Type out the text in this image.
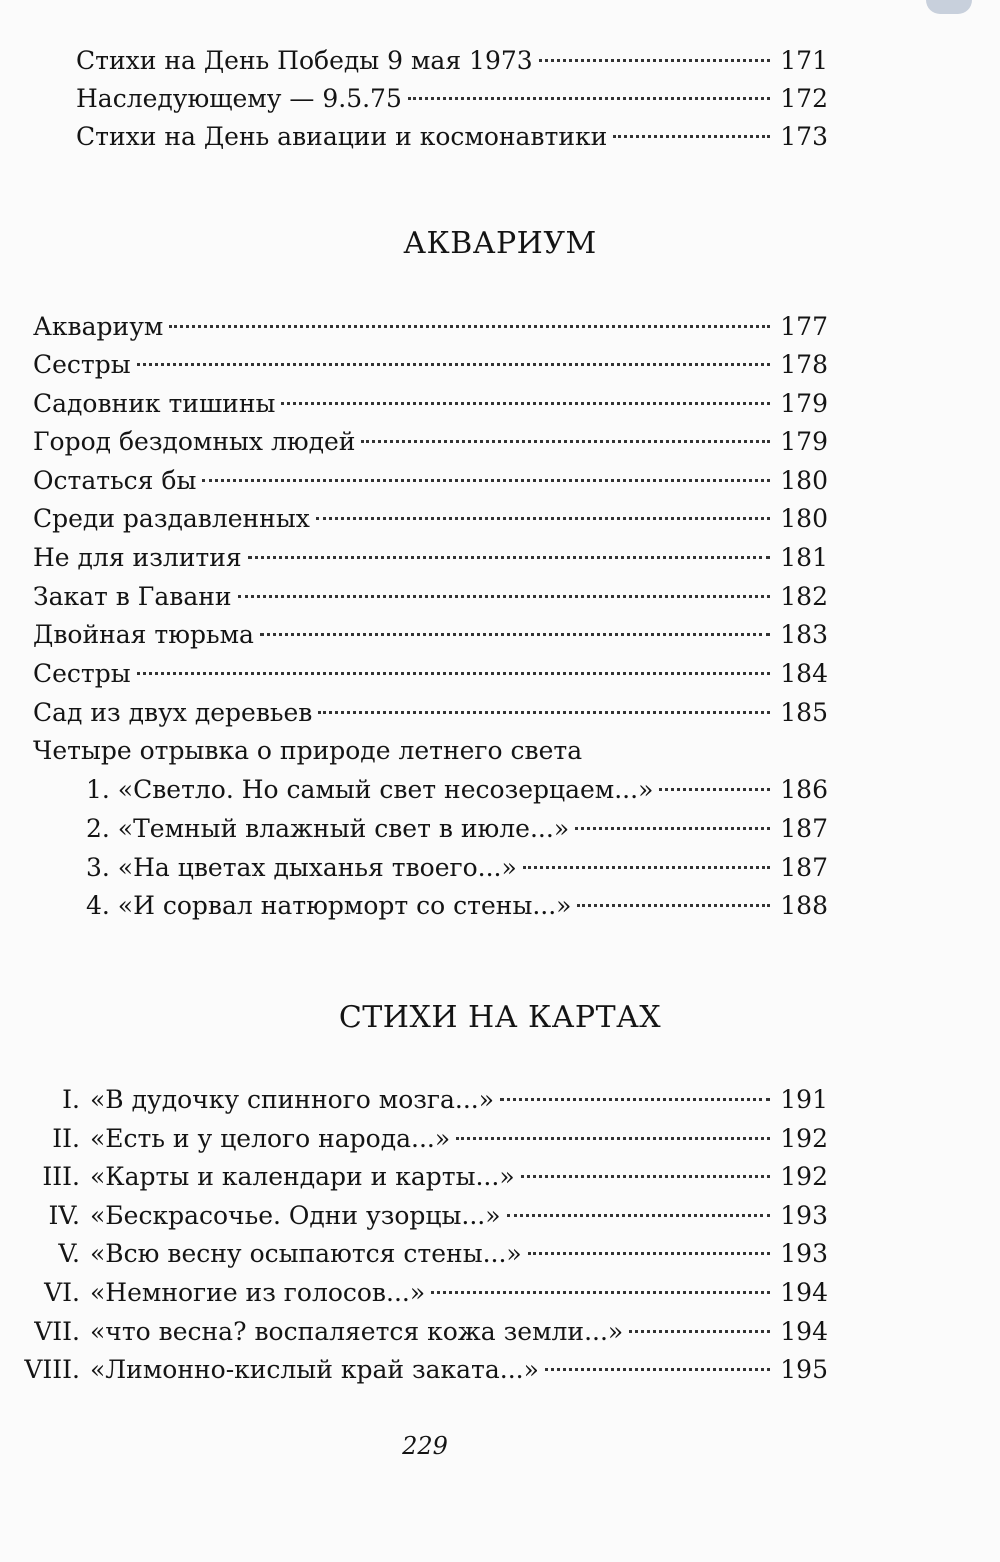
Стихи на День Победы 9 мая 1973	171
Наследующему — 9.5.75	172
Стихи на День авиации и космонавтики	173
АКВАРИУМ
Аквариум	177
Сестры	178
Садовник тишины	179
Город бездомных людей	179
Остаться бы	180
Среди раздавленных	180
Не для излития	181
Закат в Гавани	182
Двойная тюрьма	183
Сестры	184
Сад из двух деревьев	185
Четыре отрывка о природе летнего света
1. «Светло. Но самый свет несозерцаем...»	186
2. «Темный влажный свет в июле...»	187
3. «На цветах дыханья твоего...»	187
4. «И сорвал натюрморт со стены...»	188
СТИХИ НА КАРТАХ
I. «В дудочку спинного мозга...»	191
II. «Есть и у целого народа...»	192
III. «Карты и календари и карты...»	192
IV. «Бескрасочье. Одни узорцы...»	193
V. «Всю весну осыпаются стены...»	193
VI. «Немногие из голосов...»	194
VII. «что весна? воспаляется кожа земли...»	194
VIII. «Лимонно-кислый край заката...»	195
229
